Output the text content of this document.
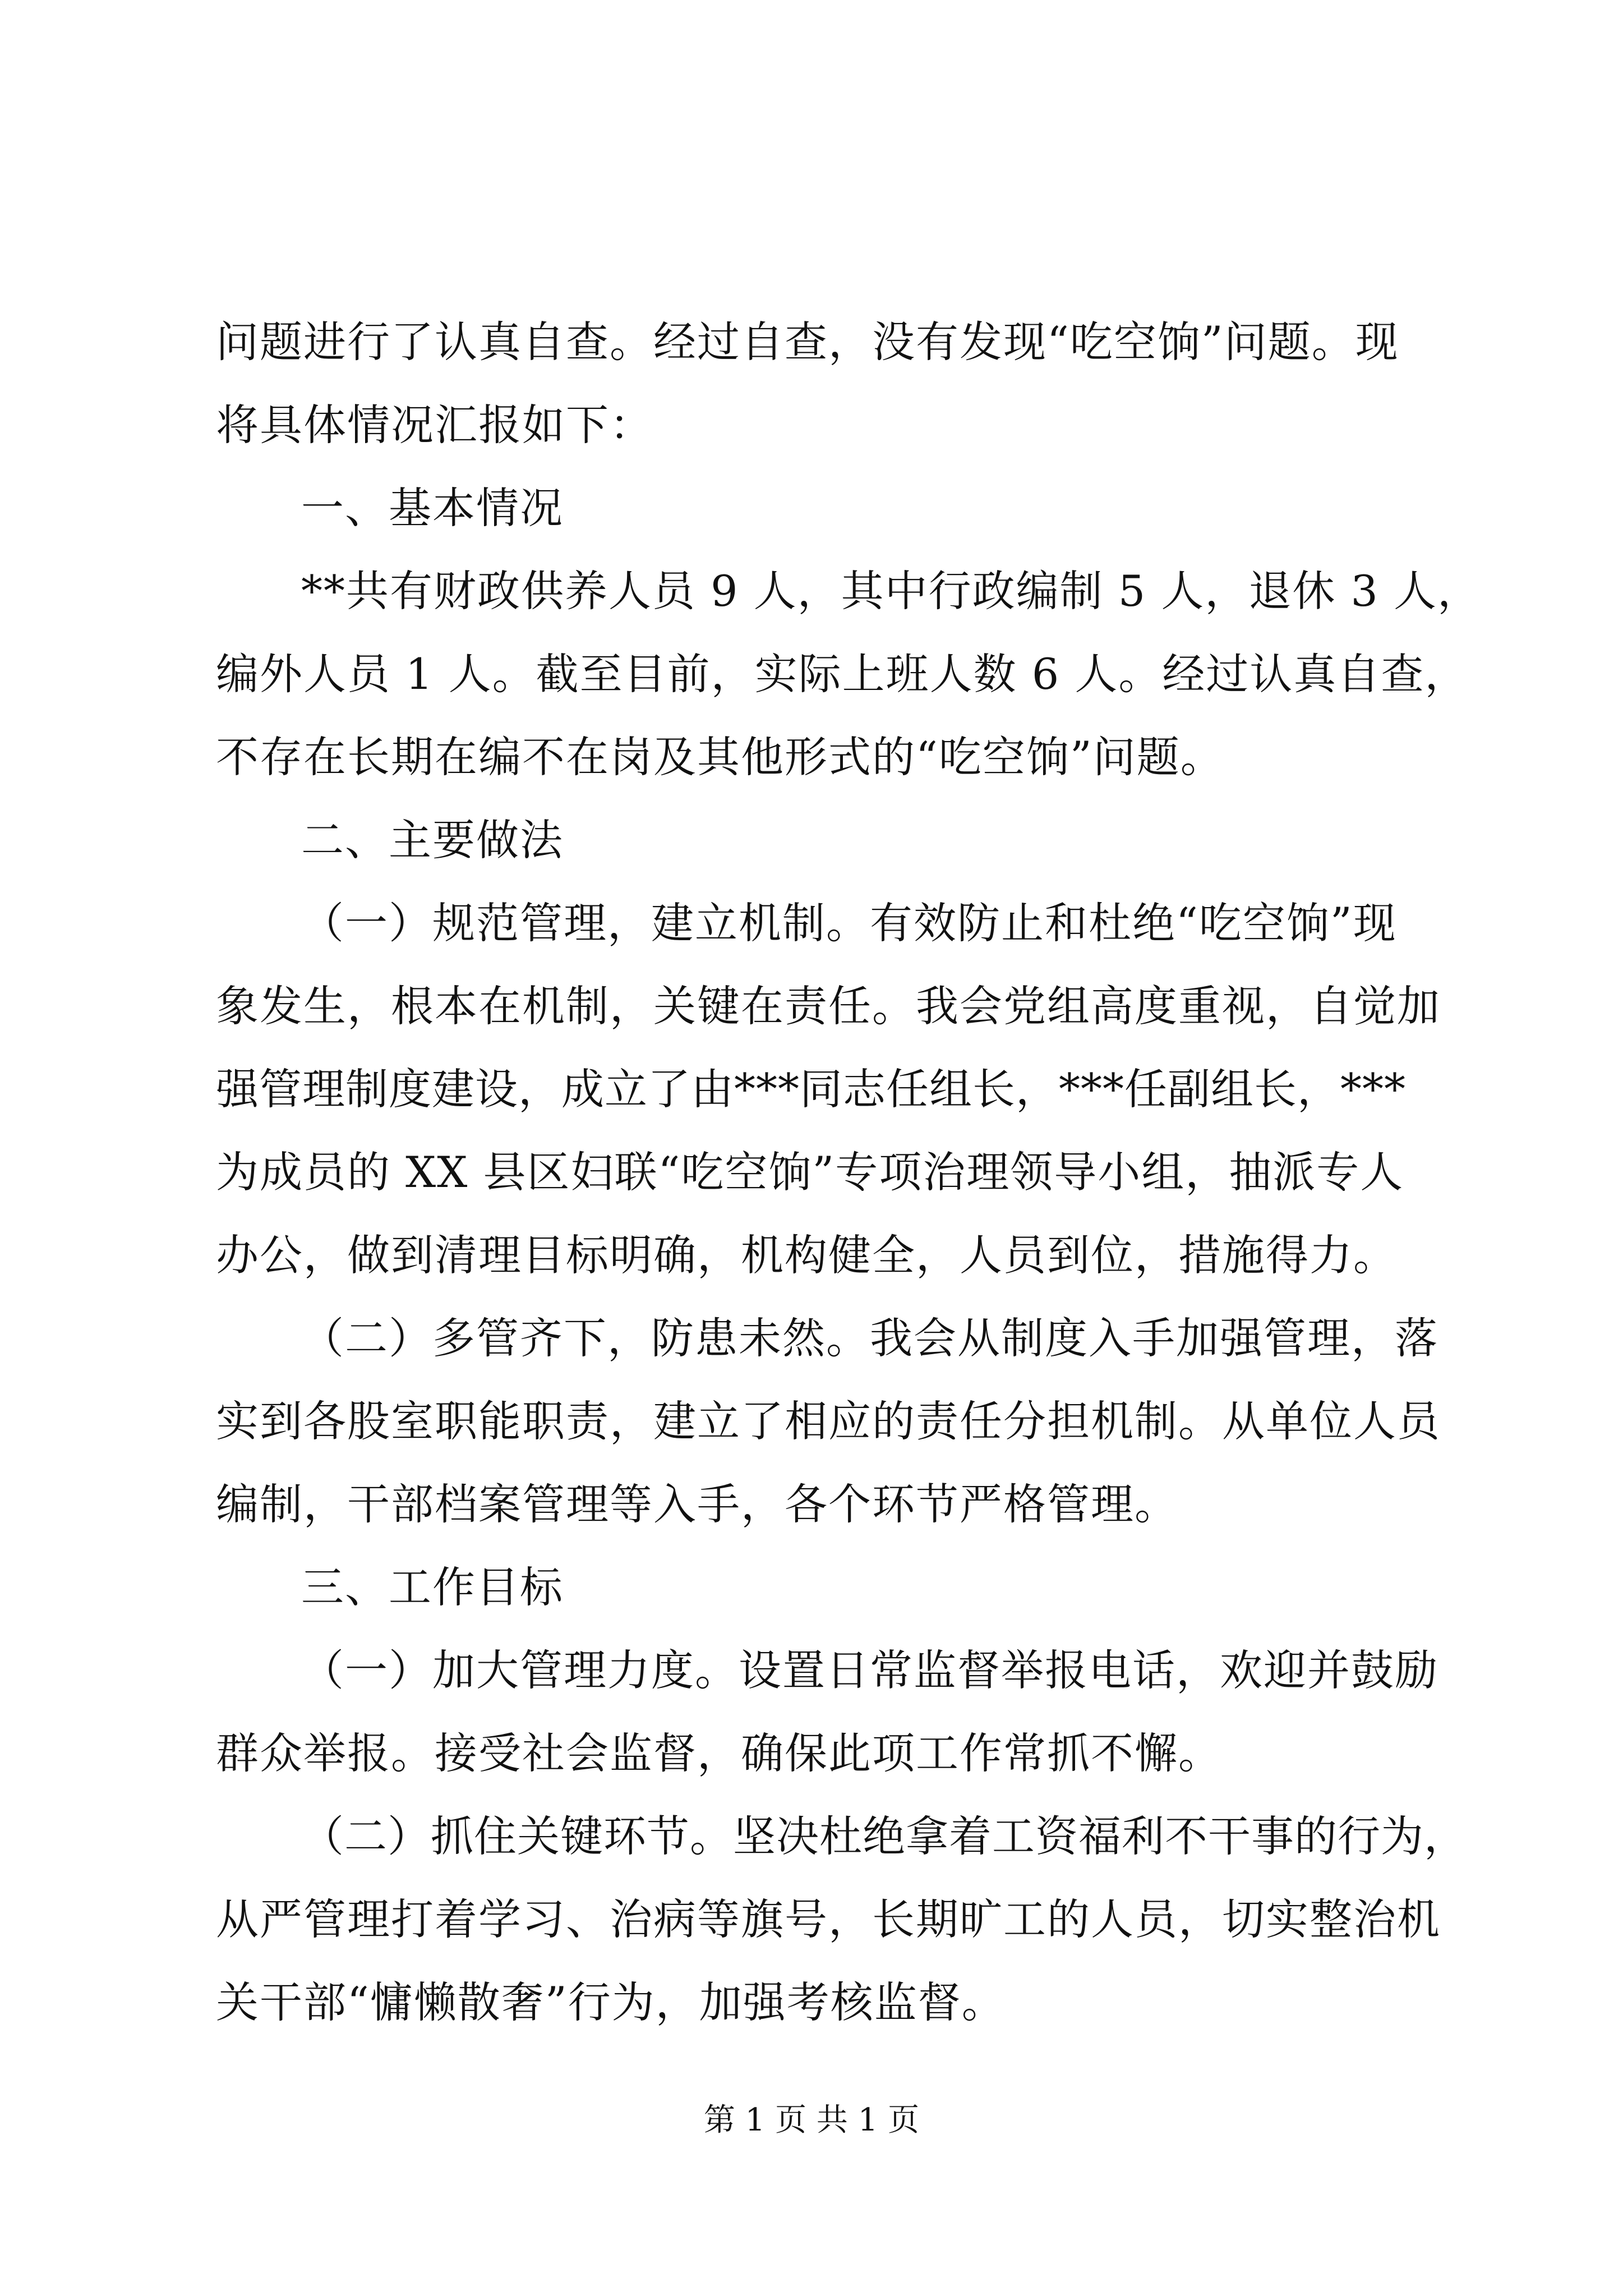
问题进行了认真自查。经过自查，没有发现“吃空饷”问题。现
将具体情况汇报如下：
一、基本情况
**共有财政供养人员 9 人，其中行政编制 5 人，退休 3 人，
编外人员 1 人。截至目前，实际上班人数 6 人。经过认真自查，
不存在长期在编不在岗及其他形式的“吃空饷”问题。
二、主要做法
（一）规范管理，建立机制。有效防止和杜绝“吃空饷”现
象发生，根本在机制，关键在责任。我会党组高度重视，自觉加
强管理制度建设，成立了由***同志任组长，***任副组长，***
为成员的 XX 县区妇联“吃空饷”专项治理领导小组，抽派专人
办公，做到清理目标明确，机构健全，人员到位，措施得力。
（二）多管齐下，防患未然。我会从制度入手加强管理，落
实到各股室职能职责，建立了相应的责任分担机制。从单位人员
编制，干部档案管理等入手，各个环节严格管理。
三、工作目标
（一）加大管理力度。设置日常监督举报电话，欢迎并鼓励
群众举报。接受社会监督，确保此项工作常抓不懈。
（二）抓住关键环节。坚决杜绝拿着工资福利不干事的行为，
从严管理打着学习、治病等旗号，长期旷工的人员，切实整治机
关干部“慵懒散奢”行为，加强考核监督。
第 1 页 共 1 页
